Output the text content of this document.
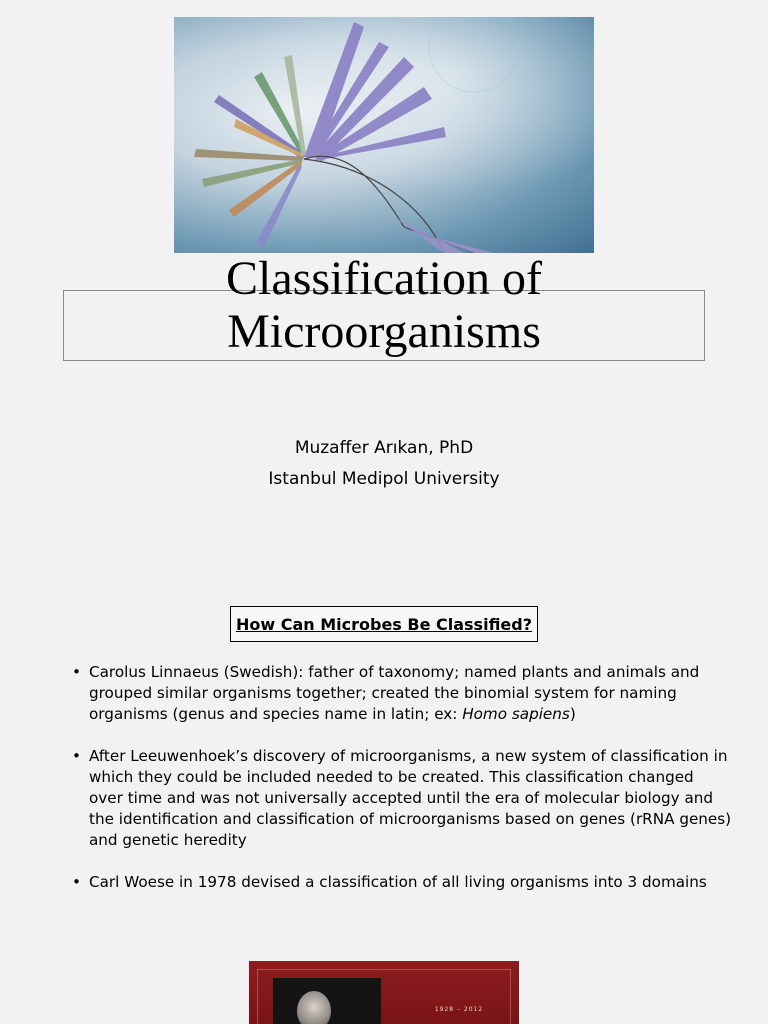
Classification of
Microorganisms
Muzaffer Arıkan, PhD
Istanbul Medipol University
How Can Microbes Be Classified?
• Carolus Linnaeus (Swedish): father of taxonomy; named plants and animals and grouped similar organisms together; created the binomial system for naming organisms (genus and species name in latin; ex: Homo sapiens)
• After Leeuwenhoek’s discovery of microorganisms, a new system of classification in which they could be included needed to be created. This classification changed over time and was not universally accepted until the era of molecular biology and the identification and classification of microorganisms based on genes (rRNA genes) and genetic heredity
• Carl Woese in 1978 devised a classification of all living organisms into 3 domains
1928 – 2012
